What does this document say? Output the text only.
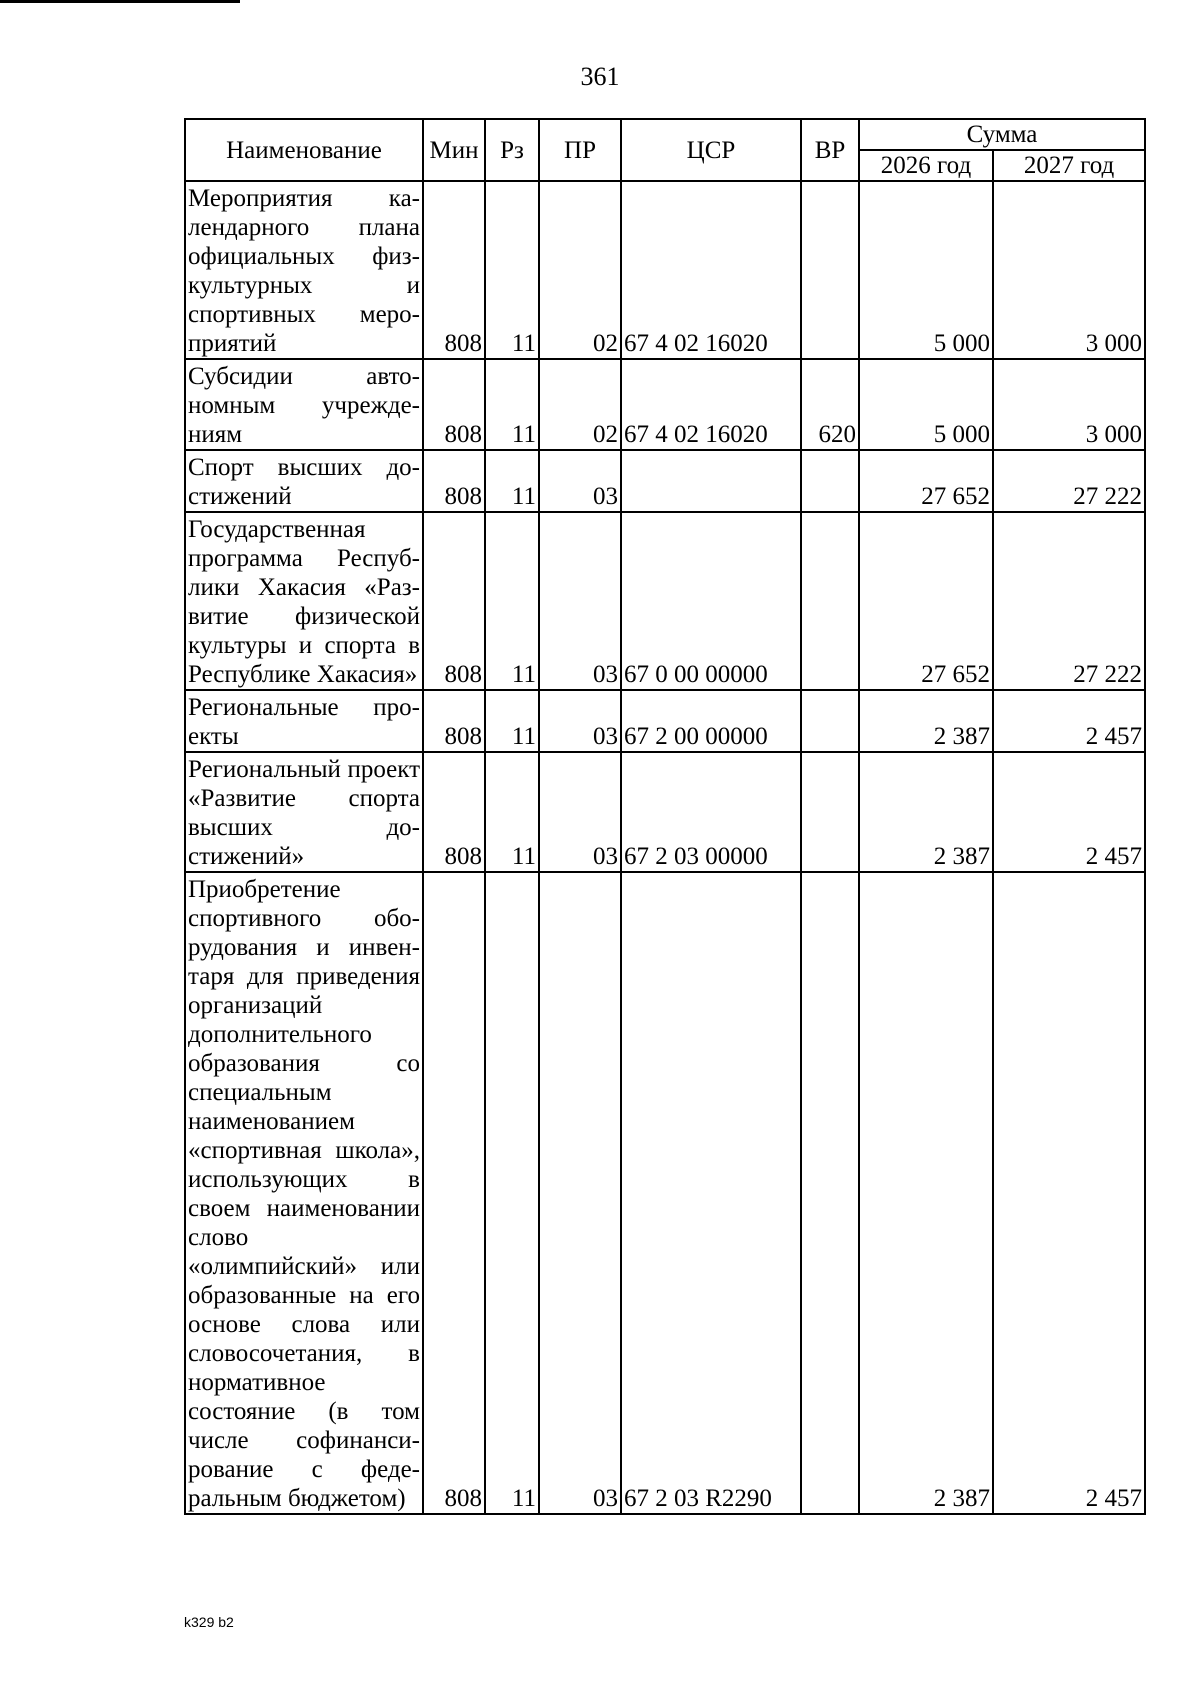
361
Наименование	Мин	Рз	ПР	ЦСР	ВР	Сумма	
						2026 год	2027 год
Мероприятия календарного плана официальных физкультурных и спортивных мероприятий	808	11	02	67 4 02 16020		5 000	3 000
Субсидии автономным учреждениям	808	11	02	67 4 02 16020	620	5 000	3 000
Спорт высших достижений	808	11	03			27 652	27 222
Государственная программа Республики Хакасия «Развитие физической культуры и спорта в Республике Хакасия»	808	11	03	67 0 00 00000		27 652	27 222
Региональные проекты	808	11	03	67 2 00 00000		2 387	2 457
Региональный проект «Развитие спорта высших достижений»	808	11	03	67 2 03 00000		2 387	2 457
Приобретение спортивного оборудования и инвентаря для приведения организаций дополнительного образования со специальным наименованием «спортивная школа», использующих в своем наименовании слово «олимпийский» или образованные на его основе слова или словосочетания, в нормативное состояние (в том числе софинансирование с федеральным бюджетом)	808	11	03	67 2 03 R2290		2 387	2 457
k329 b2
